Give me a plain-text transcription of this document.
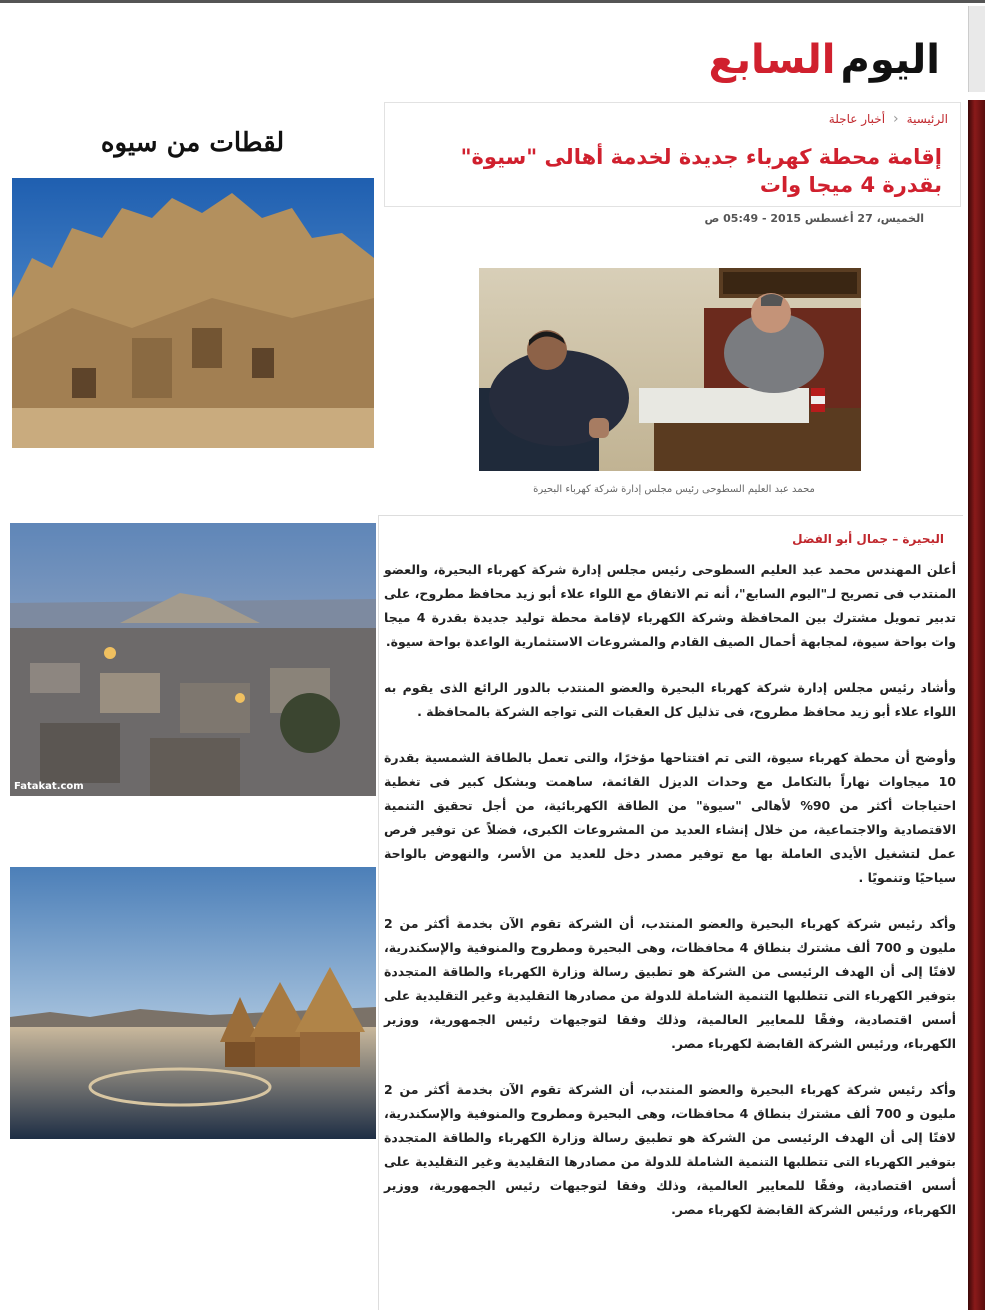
اليوم السابع
الرئيسية
‹
أخبار عاجلة
إقامة محطة كهرباء جديدة لخدمة أهالى "سيوة" بقدرة 4 ميجا وات
الخميس، 27 أغسطس 2015 - 05:49 ص
محمد عبد العليم السطوحى رئيس مجلس إدارة شركة كهرباء البحيرة
البحيرة – جمال أبو الفضل

أعلن المهندس محمد عبد العليم السطوحى رئيس مجلس إدارة شركة كهرباء البحيرة، والعضو المنتدب فى تصريح لـ"اليوم السابع"، أنه تم الاتفاق مع اللواء علاء أبو زيد محافظ مطروح، على تدبير تمويل مشترك بين المحافظة وشركة الكهرباء لإقامة محطة توليد جديدة بقدرة 4 ميجا وات بواحة سيوة، لمجابهة أحمال الصيف القادم والمشروعات الاستثمارية الواعدة بواحة سيوة.

وأشاد رئيس مجلس إدارة شركة كهرباء البحيرة والعضو المنتدب بالدور الرائع الذى يقوم به اللواء علاء أبو زيد محافظ مطروح، فى تذليل كل العقبات التى تواجه الشركة بالمحافظة .

وأوضح أن محطة كهرباء سيوة، التى تم افتتاحها مؤخرًا، والتى تعمل بالطاقة الشمسية بقدرة 10 ميجاوات نهاراً بالتكامل مع وحدات الديزل القائمة، ساهمت وبشكل كبير فى تغطية احتياجات أكثر من 90% لأهالى "سيوة" من الطاقة الكهربائية، من أجل تحقيق التنمية الاقتصادية والاجتماعية، من خلال إنشاء العديد من المشروعات الكبرى، فضلاً عن توفير فرص عمل لتشغيل الأيدى العاملة بها مع توفير مصدر دخل للعديد من الأسر، والنهوض بالواحة سياحيًا وتنمويًا .

وأكد رئيس شركة كهرباء البحيرة والعضو المنتدب، أن الشركة تقوم الآن بخدمة أكثر من 2 مليون و 700 ألف مشترك بنطاق 4 محافظات، وهى البحيرة ومطروح والمنوفية والإسكندرية، لافتًا إلى أن الهدف الرئيسى من الشركة هو تطبيق رسالة وزارة الكهرباء والطاقة المتجددة بتوفير الكهرباء التى تتطلبها التنمية الشاملة للدولة من مصادرها التقليدية وغير التقليدية على أسس اقتصادية، وفقًا للمعايير العالمية، وذلك وفقا لتوجيهات رئيس الجمهورية، ووزير الكهرباء، ورئيس الشركة القابضة لكهرباء مصر.

وأكد رئيس شركة كهرباء البحيرة والعضو المنتدب، أن الشركة تقوم الآن بخدمة أكثر من 2 مليون و 700 ألف مشترك بنطاق 4 محافظات، وهى البحيرة ومطروح والمنوفية والإسكندرية، لافتًا إلى أن الهدف الرئيسى من الشركة هو تطبيق رسالة وزارة الكهرباء والطاقة المتجددة بتوفير الكهرباء التى تتطلبها التنمية الشاملة للدولة من مصادرها التقليدية وغير التقليدية على أسس اقتصادية، وفقًا للمعايير العالمية، وذلك وفقا لتوجيهات رئيس الجمهورية، ووزير الكهرباء، ورئيس الشركة القابضة لكهرباء مصر.

لقطات من سيوه
Fatakat.com
